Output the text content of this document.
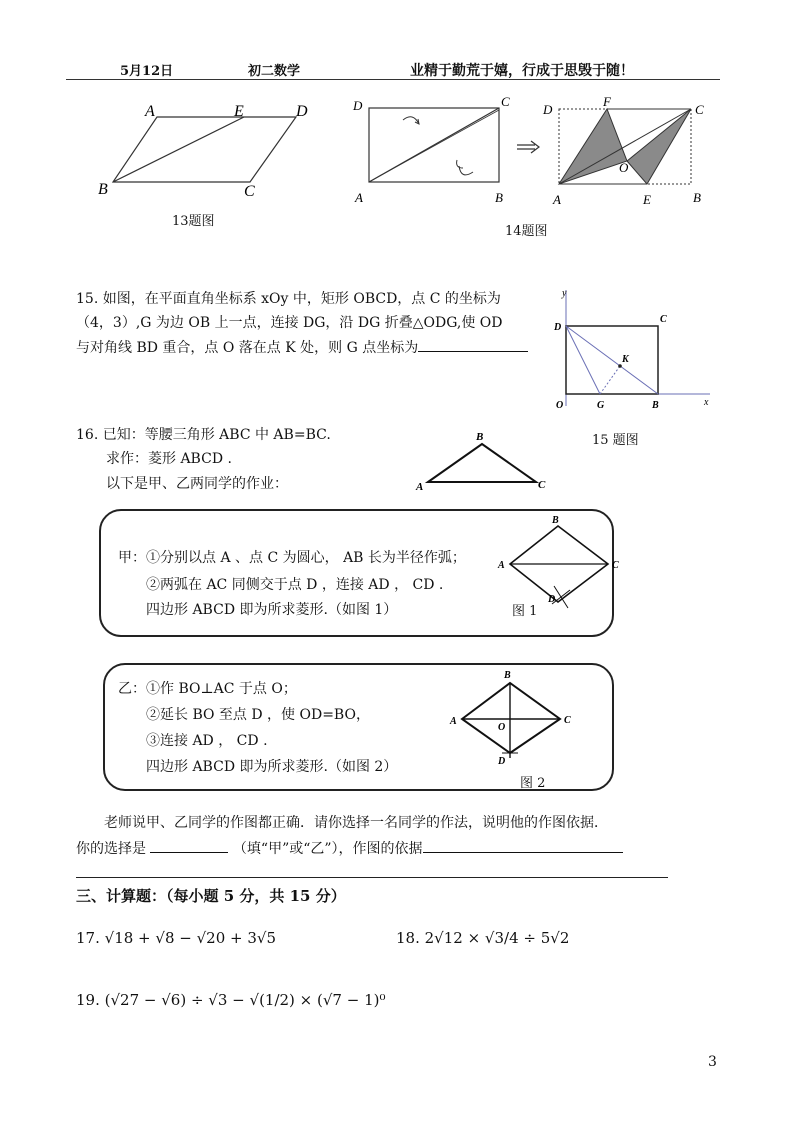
5月12日	初二数学	业精于勤荒于嬉，行成于思毁于随！
A	E	D
B	C
13题图
D	C
A	B
D
F
C
O
A	E	B
14题图
15. 如图，在平面直角坐标系 xOy 中，矩形 OBCD，点 C 的坐标为
（4，3）,G 为边 OB 上一点，连接 DG，沿 DG 折叠△ODG,使 OD
与对角线 BD 重合，点 O 落在点 K 处，则 G 点坐标为
y
x
D
C
K
O	G	B
15 题图
16. 已知：等腰三角形 ABC 中 AB=BC.
求作：菱形 ABCD .
以下是甲、乙两同学的作业：
B
A	C
甲：①分别以点 A 、点 C 为圆心， AB 长为半径作弧；
②两弧在 AC 同侧交于点 D ，连接 AD ， CD .
四边形 ABCD 即为所求菱形.（如图 1）
B
A	C
D
图 1
乙：①作 BO⊥AC 于点 O；
②延长 BO 至点 D ，使 OD=BO，
③连接 AD ， CD .
四边形 ABCD 即为所求菱形.（如图 2）
B
A	C
O
D
图 2
老师说甲、乙同学的作图都正确．请你选择一名同学的作法，说明他的作图依据．
你的选择是	（填“甲”或“乙”），作图的依据
三、计算题：（每小题 5 分，共 15 分）
17. √18 + √8 − √20 + 3√5	18. 2√12 × √3/4 ÷ 5√2
19. (√27 − √6) ÷ √3 − √(1/2) × (√7 − 1)⁰
3
